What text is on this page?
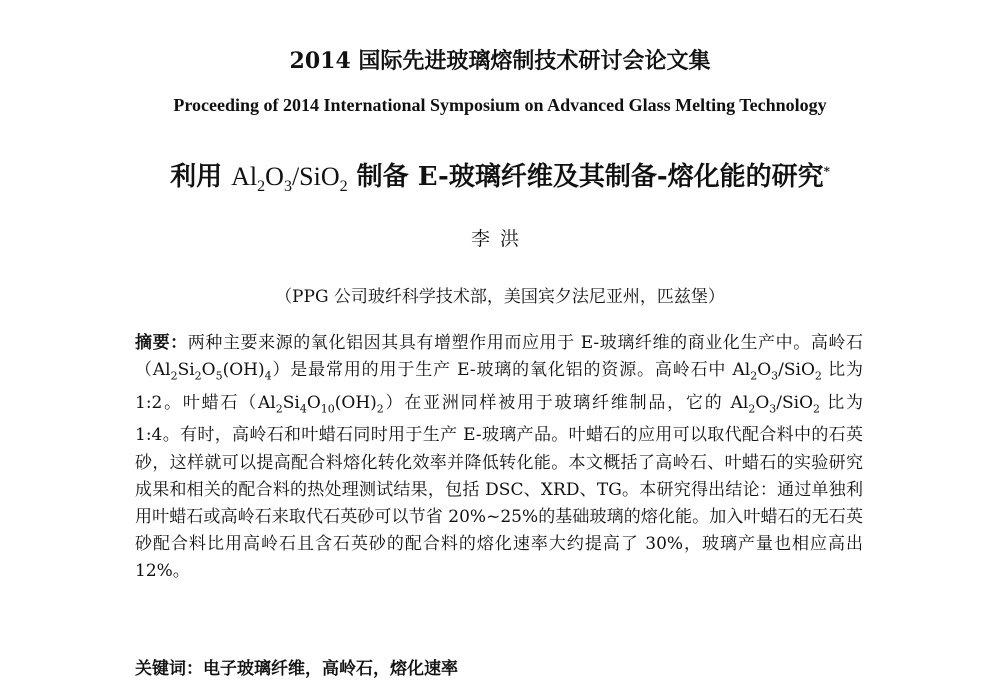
2014 国际先进玻璃熔制技术研讨会论文集
Proceeding of 2014 International Symposium on Advanced Glass Melting Technology
利用 $Al_2O_3/SiO_2$ 制备 E-玻璃纤维及其制备-熔化能的研究*
李洪
（PPG 公司玻纤科学技术部，美国宾夕法尼亚州，匹兹堡）
摘要：两种主要来源的氧化铝因其具有增塑作用而应用于 E-玻璃纤维的商业化生产中。高岭石$(Al_2Si_2O_5(OH)_4)$是最常用的用于生产 E-玻璃的氧化铝的资源。高岭石中 $Al_2O_3/SiO_2$ 比为 1:2。叶蜡石$(Al_2Si_4O_{10}(OH)_2)$在亚洲同样被用于玻璃纤维制品，它的 $Al_2O_3/SiO_2$ 比为 1:4。有时，高岭石和叶蜡石同时用于生产 E-玻璃产品。叶蜡石的应用可以取代配合料中的石英砂，这样就可以提高配合料熔化转化效率并降低转化能。本文概括了高岭石、叶蜡石的实验研究成果和相关的配合料的热处理测试结果，包括 DSC、XRD、TG。本研究得出结论：通过单独利用叶蜡石或高岭石来取代石英砂可以节省 20%~25%的基础玻璃的熔化能。加入叶蜡石的无石英砂配合料比用高岭石且含石英砂的配合料的熔化速率大约提高了 30%，玻璃产量也相应高出 12%。
关键词：电子玻璃纤维，高岭石，熔化速率
